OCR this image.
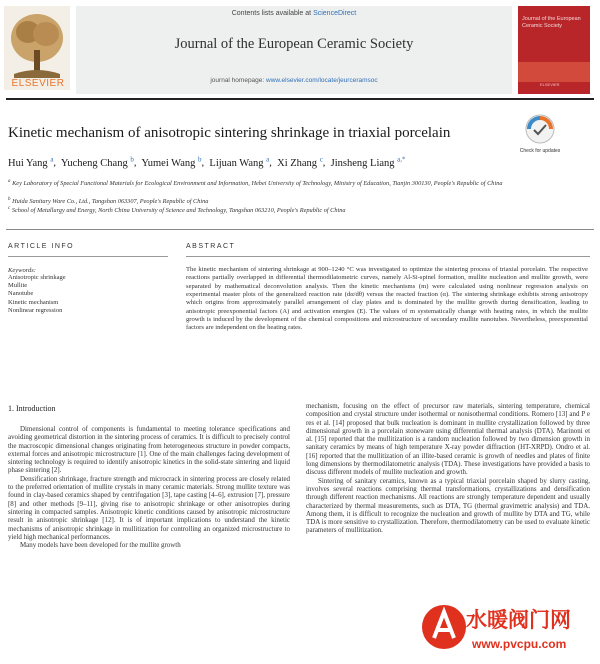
ELSEVIER
Contents lists available at ScienceDirect
Journal of the European Ceramic Society
journal homepage: www.elsevier.com/locate/jeurceramsoc
Journal of the European Ceramic Society
ELSEVIER
Kinetic mechanism of anisotropic sintering shrinkage in triaxial porcelain
Check for updates
Hui Yang $^a$,  Yucheng Chang $^b$,  Yumei Wang $^b$,  Lijuan Wang $^a$,  Xi Zhang $^c$,  Jinsheng Liang $^{a,*}$
$^a$ Key Laboratory of Special Functional Materials for Ecological Environment and Information, Hebei University of Technology, Ministry of Education, Tianjin 300130, People's Republic of China
$^b$ Huida Sanitary Ware Co., Ltd., Tangshan 063307, People's Republic of China
$^c$ School of Metallurgy and Energy, North China University of Science and Technology, Tangshan 063210, People's Republic of China
ARTICLE INFO
Keywords:
Anisotropic shrinkage
Mullite
Nanotube
Kinetic mechanism
Nonlinear regression
ABSTRACT
The kinetic mechanism of sintering shrinkage at 900–1240 °C was investigated to optimize the sintering process of triaxial porcelain. The respective reactions partially overlapped in differential thermodilatometric curves, namely Al-Si-spinel formation, mullite nucleation and mullite growth, were separated by mathematical deconvolution analysis. Then the kinetic mechanisms (m) were calculated using nonlinear regression analysis on experimental master plots of the generalized reaction rate (dα/dθ) versus the reacted fraction (α). The sintering shrinkage exhibits strong anisotropy which origins from approximately parallel arrangement of clay plates and is dominated by the mullite growth during densification, leading to anisotropic preexponential factors (A) and activation energies (E). The values of m systematically change with heating rates, in which the mullite growth is induced by the development of the chemical compositions and microstructure of secondary mullite nanotubes. Nevertheless, preexponential factors are independent on the heating rates.
1. Introduction

Dimensional control of components is fundamental to meeting tolerance specifications and avoiding geometrical distortion in the sintering process of ceramics. It is difficult to precisely control the macroscopic dimensional changes originating from heterogeneous structure in powder compacts, external forces and anisotropic microstructure [1]. One of the main challenges facing development of sintering technology is required to identify anisotropic kinetics in the solid-state sintering and liquid phase sintering [2].

Densification shrinkage, fracture strength and microcrack in sintering process are closely related to the preferred orientation of mullite crystals in many ceramic materials. Strong mullite texture was found in clay-based ceramics shaped by centrifugation [3], tape casting [4–6], extrusion [7], pressure [8] and other methods [9–11], giving rise to anisotropic shrinkage or other anisotropies during sintering in compacted samples. Anisotropic kinetic conditions caused by anisotropic microstructure result in anisotropic shrinkage [12]. It is of important implications to understand the kinetic mechanisms of anisotropic shrinkage in mullitization for controlling an organized microstructure to yield high mechanical performances.

Many models have been developed for the mullite growth

mechanism, focusing on the effect of precursor raw materials, sintering temperature, chemical composition and crystal structure under isothermal or nonisothermal conditions. Romero [13] and P e res et al. [14] proposed that bulk nucleation is dominant in mullite crystallization followed by three dimensional growth in a porcelain stoneware using differential thermal analysis (DTA). Marinoni et al. [15] reported that the mullitization is a random nucleation followed by two dimension growth in sanitary ceramics by means of high temperature X-ray powder diffraction (HT-XRPD). Ondro et al. [16] reported that the mullitization of an illite-based ceramic is growth of needles and plates of finite long dimensions by thermodilatometric analysis (TDA). These investigations have provided a basis to discuss different models of mullite nucleation and growth.

Sintering of sanitary ceramics, known as a typical triaxial porcelain shaped by slurry casting, involves several reactions comprising thermal transformations, crystallizations and densification through different reaction mechanisms. All reactions are strongly temperature dependent and usually characterized by thermal measurements, such as DTA, TG (thermal gravimetric analysis) and TDA. Among them, it is difficult to recognize the nucleation and growth of mullite by DTA and TG, while TDA is more sensitive to crystallization. Therefore, thermodilatometry can be used to evaluate kinetic parameters of mullitization.

水暖阀门网
www.pvcpu.com
